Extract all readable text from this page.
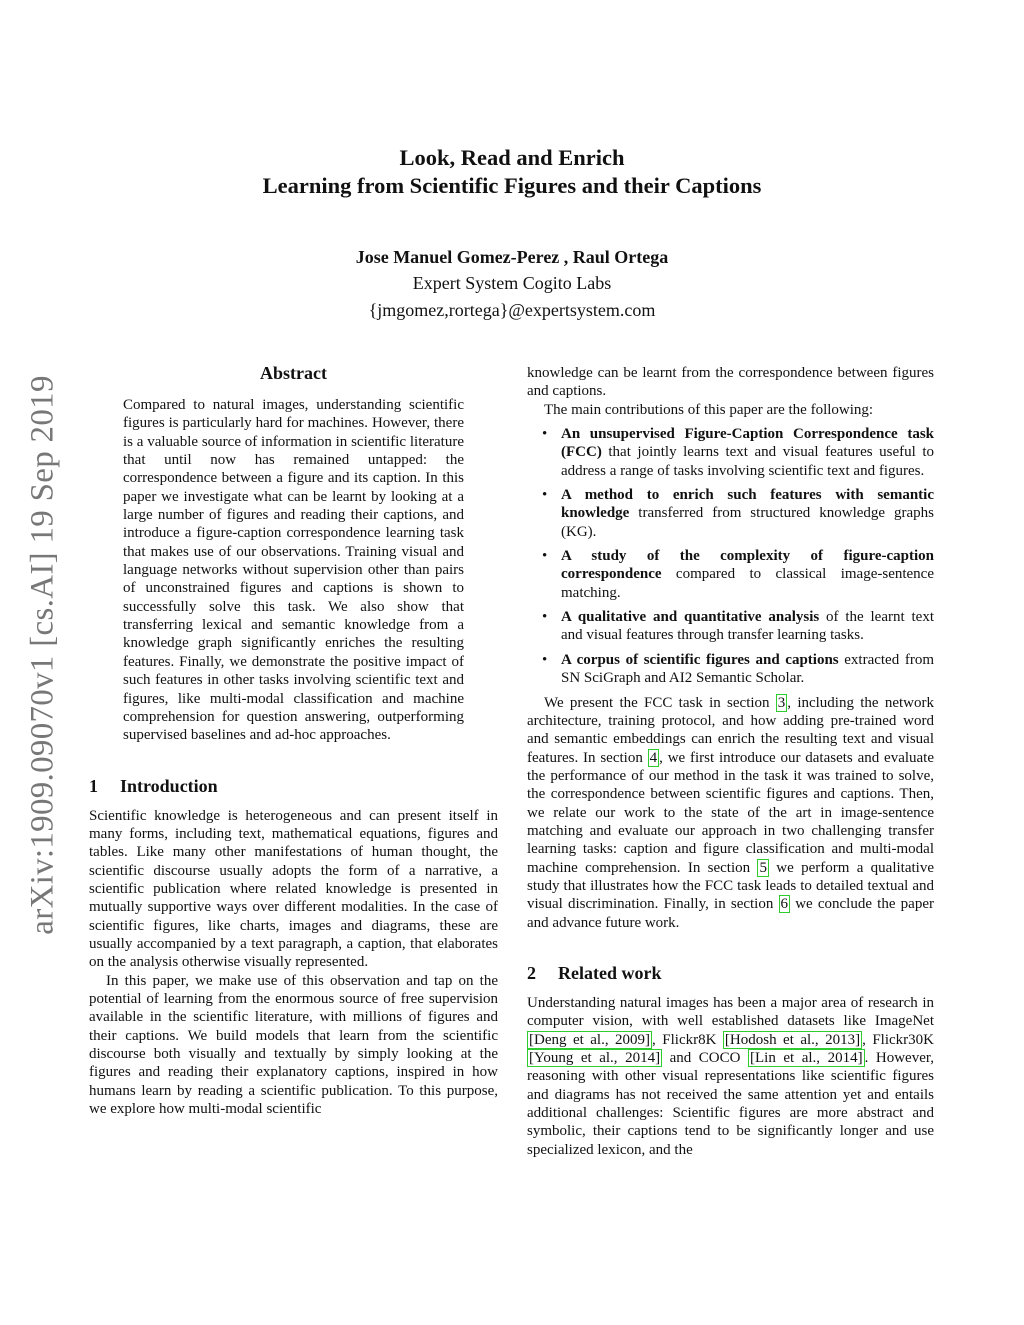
arXiv:1909.09070v1 [cs.AI] 19 Sep 2019
Look, Read and Enrich
Learning from Scientific Figures and their Captions
Jose Manuel Gomez-Perez , Raul Ortega
Expert System Cogito Labs
{jmgomez,rortega}@expertsystem.com
Abstract

Compared to natural images, understanding scientific figures is particularly hard for machines. However, there is a valuable source of information in scientific literature that until now has remained untapped: the correspondence between a figure and its caption. In this paper we investigate what can be learnt by looking at a large number of figures and reading their captions, and introduce a figure-caption correspondence learning task that makes use of our observations. Training visual and language networks without supervision other than pairs of unconstrained figures and captions is shown to successfully solve this task. We also show that transferring lexical and semantic knowledge from a knowledge graph significantly enriches the resulting features. Finally, we demonstrate the positive impact of such features in other tasks involving scientific text and figures, like multi-modal classification and machine comprehension for question answering, outperforming supervised baselines and ad-hoc approaches.

1 Introduction

Scientific knowledge is heterogeneous and can present itself in many forms, including text, mathematical equations, figures and tables. Like many other manifestations of human thought, the scientific discourse usually adopts the form of a narrative, a scientific publication where related knowledge is presented in mutually supportive ways over different modalities. In the case of scientific figures, like charts, images and diagrams, these are usually accompanied by a text paragraph, a caption, that elaborates on the analysis otherwise visually represented.

In this paper, we make use of this observation and tap on the potential of learning from the enormous source of free supervision available in the scientific literature, with millions of figures and their captions. We build models that learn from the scientific discourse both visually and textually by simply looking at the figures and reading their explanatory captions, inspired in how humans learn by reading a scientific publication. To this purpose, we explore how multi-modal scientific

knowledge can be learnt from the correspondence between figures and captions.

The main contributions of this paper are the following:

• An unsupervised Figure-Caption Correspondence task (FCC) that jointly learns text and visual features useful to address a range of tasks involving scientific text and figures.
• A method to enrich such features with semantic knowledge transferred from structured knowledge graphs (KG).
• A study of the complexity of figure-caption correspondence compared to classical image-sentence matching.
• A qualitative and quantitative analysis of the learnt text and visual features through transfer learning tasks.
• A corpus of scientific figures and captions extracted from SN SciGraph and AI2 Semantic Scholar.

We present the FCC task in section 3 , including the network architecture, training protocol, and how adding pre-trained word and semantic embeddings can enrich the resulting text and visual features. In section 4 , we first introduce our datasets and evaluate the performance of our method in the task it was trained to solve, the correspondence between scientific figures and captions. Then, we relate our work to the state of the art in image-sentence matching and evaluate our approach in two challenging transfer learning tasks: caption and figure classification and multi-modal machine comprehension. In section 5 we perform a qualitative study that illustrates how the FCC task leads to detailed textual and visual discrimination. Finally, in section 6 we conclude the paper and advance future work.

2 Related work

Understanding natural images has been a major area of research in computer vision, with well established datasets like ImageNet [Deng et al., 2009] , Flickr8K [Hodosh et al., 2013] , Flickr30K [Young et al., 2014] and COCO [Lin et al., 2014] . However, reasoning with other visual representations like scientific figures and diagrams has not received the same attention yet and entails additional challenges: Scientific figures are more abstract and symbolic, their captions tend to be significantly longer and use specialized lexicon, and the
